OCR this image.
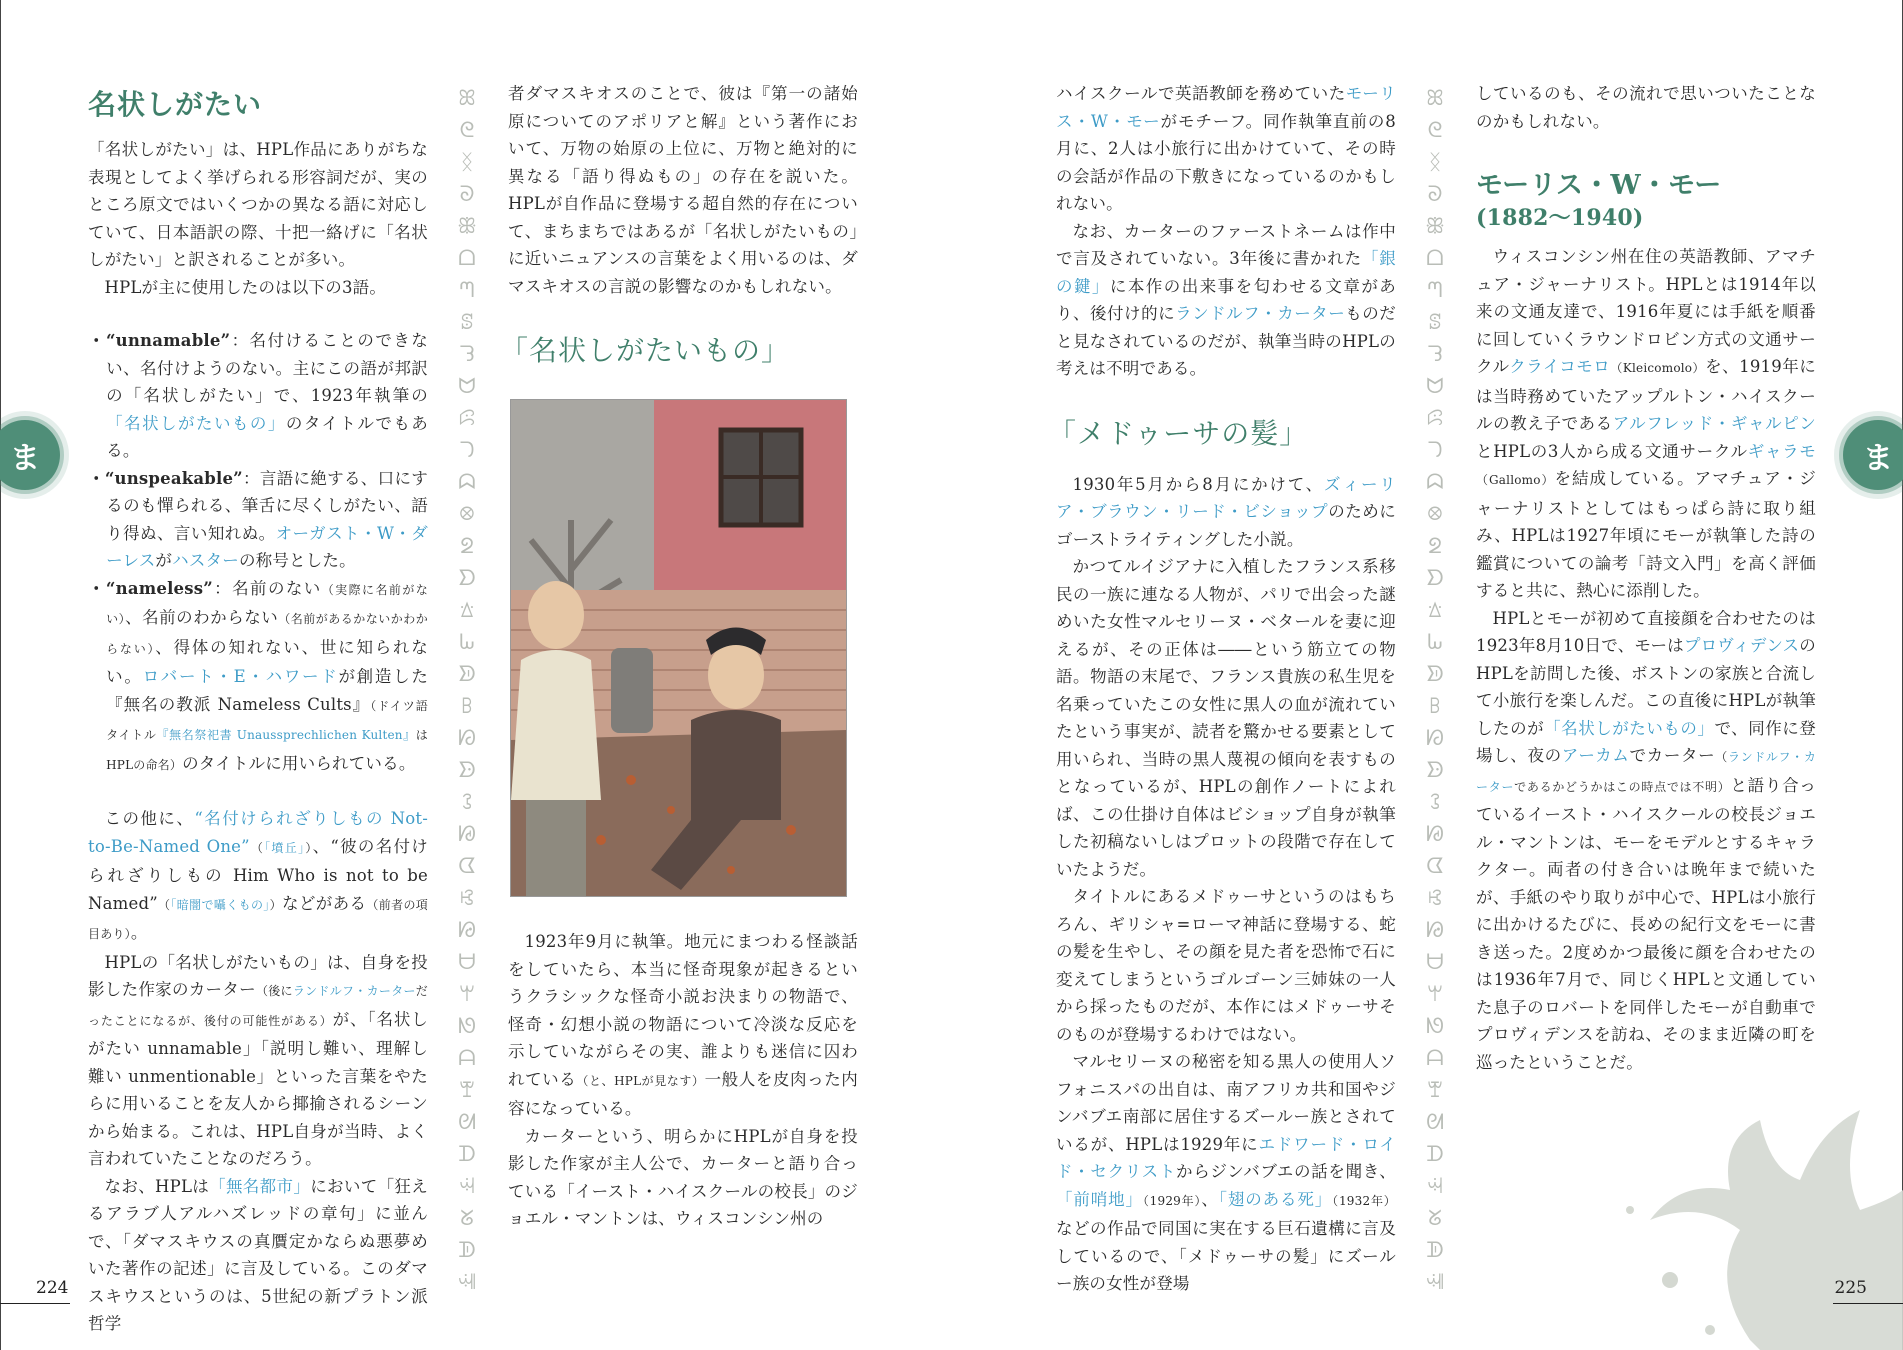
ま
名状しがたい

「名状しがたい」は、HPL作品にありがちな表現としてよく挙げられる形容詞だが、実のところ原文ではいくつかの異なる語に対応していて、日本語訳の際、十把一絡げに「名状しがたい」と訳されることが多い。

HPLが主に使用したのは以下の3語。

・“unnamable”：名付けることのできない、名付けようのない。主にこの語が邦訳の「名状しがたい」で、1923年執筆の「名状しがたいもの」のタイトルでもある。

・“unspeakable”：言語に絶する、口にするのも憚られる、筆舌に尽くしがたい、語り得ぬ、言い知れぬ。オーガスト・W・ダーレスがハスターの称号とした。

・“nameless”：名前のない（実際に名前がない）、名前のわからない（名前があるかないかわからない）、得体の知れない、世に知られない。ロバート・E・ハワードが創造した『無名の教派 Nameless Cults』（ドイツ語タイトル『無名祭祀書 Unaussprechlichen Kulten』はHPLの命名）のタイトルに用いられている。

この他に、“名付けられざりしもの Not-to-Be-Named One”（「墳丘」）、“彼の名付けられざりしもの Him Who is not to be Named”（「暗闇で囁くもの」）などがある（前者の項目あり）。

HPLの「名状しがたいもの」は、自身を投影した作家のカーター（後にランドルフ・カーターだったことになるが、後付の可能性がある）が、「名状しがたい unnamable」「説明し難い、理解し難い unmentionable」といった言葉をやたらに用いることを友人から揶揄されるシーンから始まる。これは、HPL自身が当時、よく言われていたことなのだろう。

なお、HPLは「無名都市」において「狂えるアラブ人アルハズレッドの章句」に並んで、「ダマスキウスの真贋定かならぬ悪夢めいた著作の記述」に言及している。このダマスキウスというのは、5世紀の新プラトン派哲学

ꕤ
ᘓ
ᛝ
ᘐ
ꕥ
ᗝ
ᘉ
ꕷ
ᘊ
ᗢ
ꕸ
ᘄ
ᗣ
ꕕ
ᘖ
ᗤ
ꕖ
ᘈ
ᗥ
ꕗ
ᘗ
ᗦ
ꕘ
ᘘ
ᗧ
ꕙ
ᘙ
ᗨ
ꕚ
ᘚ
ᗩ
ꕛ
ᘛ
ᗪ
ꕜ
ᘜ
ᗫ
ꕝ

者ダマスキオスのことで、彼は『第一の諸始原についてのアポリアと解』という著作において、万物の始原の上位に、万物と絶対的に異なる「語り得ぬもの」の存在を説いた。HPLが自作品に登場する超自然的存在について、まちまちではあるが「名状しがたいもの」に近いニュアンスの言葉をよく用いるのは、ダマスキオスの言説の影響なのかもしれない。

「名状しがたいもの」

1923年9月に執筆。地元にまつわる怪談話をしていたら、本当に怪奇現象が起きるというクラシックな怪奇小説お決まりの物語で、怪奇・幻想小説の物語について冷淡な反応を示していながらその実、誰よりも迷信に囚われている（と、HPLが見なす）一般人を皮肉った内容になっている。

カーターという、明らかにHPLが自身を投影した作家が主人公で、カーターと語り合っている「イースト・ハイスクールの校長」のジョエル・マントンは、ウィスコンシン州の

224

ハイスクールで英語教師を務めていたモーリス・W・モーがモチーフ。同作執筆直前の8月に、2人は小旅行に出かけていて、その時の会話が作品の下敷きになっているのかもしれない。

なお、カーターのファーストネームは作中で言及されていない。3年後に書かれた「銀の鍵」に本作の出来事を匂わせる文章があり、後付け的にランドルフ・カーターものだと見なされているのだが、執筆当時のHPLの考えは不明である。

「メドゥーサの髪」

1930年5月から8月にかけて、ズィーリア・ブラウン・リード・ビショップのためにゴーストライティングした小説。

かつてルイジアナに入植したフランス系移民の一族に連なる人物が、パリで出会った謎めいた女性マルセリーヌ・ベタールを妻に迎えるが、その正体は――という筋立ての物語。物語の末尾で、フランス貴族の私生児を名乗っていたこの女性に黒人の血が流れていたという事実が、読者を驚かせる要素として用いられ、当時の黒人蔑視の傾向を表すものとなっているが、HPLの創作ノートによれば、この仕掛け自体はビショップ自身が執筆した初稿ないしはプロットの段階で存在していたようだ。

タイトルにあるメドゥーサというのはもちろん、ギリシャ=ローマ神話に登場する、蛇の髪を生やし、その顔を見た者を恐怖で石に変えてしまうというゴルゴーン三姉妹の一人から採ったものだが、本作にはメドゥーサそのものが登場するわけではない。

マルセリーヌの秘密を知る黒人の使用人ソフォニスバの出自は、南アフリカ共和国やジンバブエ南部に居住するズールー族とされているが、HPLは1929年にエドワード・ロイド・セクリストからジンバブエの話を聞き、「前哨地」（1929年）、「翅のある死」（1932年）などの作品で同国に実在する巨石遺構に言及しているので、「メドゥーサの髪」にズールー族の女性が登場

ꕤ
ᘓ
ᛝ
ᘐ
ꕥ
ᗝ
ᘉ
ꕷ
ᘊ
ᗢ
ꕸ
ᘄ
ᗣ
ꕕ
ᘖ
ᗤ
ꕖ
ᘈ
ᗥ
ꕗ
ᘗ
ᗦ
ꕘ
ᘘ
ᗧ
ꕙ
ᘙ
ᗨ
ꕚ
ᘚ
ᗩ
ꕛ
ᘛ
ᗪ
ꕜ
ᘜ
ᗫ
ꕝ

しているのも、その流れで思いついたことなのかもしれない。

モーリス・W・モー
(1882〜1940)

ウィスコンシン州在住の英語教師、アマチュア・ジャーナリスト。HPLとは1914年以来の文通友達で、1916年夏には手紙を順番に回していくラウンドロビン方式の文通サークルクライコモロ（Kleicomolo）を、1919年には当時務めていたアップルトン・ハイスクールの教え子であるアルフレッド・ギャルピンとHPLの3人から成る文通サークルギャラモ（Gallomo）を結成している。アマチュア・ジャーナリストとしてはもっぱら詩に取り組み、HPLは1927年頃にモーが執筆した詩の鑑賞についての論考「詩文入門」を高く評価すると共に、熱心に添削した。

HPLとモーが初めて直接顔を合わせたのは1923年8月10日で、モーはプロヴィデンスのHPLを訪問した後、ボストンの家族と合流して小旅行を楽しんだ。この直後にHPLが執筆したのが「名状しがたいもの」で、同作に登場し、夜のアーカムでカーター（ランドルフ・カーターであるかどうかはこの時点では不明）と語り合っているイースト・ハイスクールの校長ジョエル・マントンは、モーをモデルとするキャラクター。両者の付き合いは晩年まで続いたが、手紙のやり取りが中心で、HPLは小旅行に出かけるたびに、長めの紀行文をモーに書き送った。2度めかつ最後に顔を合わせたのは1936年7月で、同じくHPLと文通していた息子のロバートを同伴したモーが自動車でプロヴィデンスを訪ね、そのまま近隣の町を巡ったということだ。

ま
225
